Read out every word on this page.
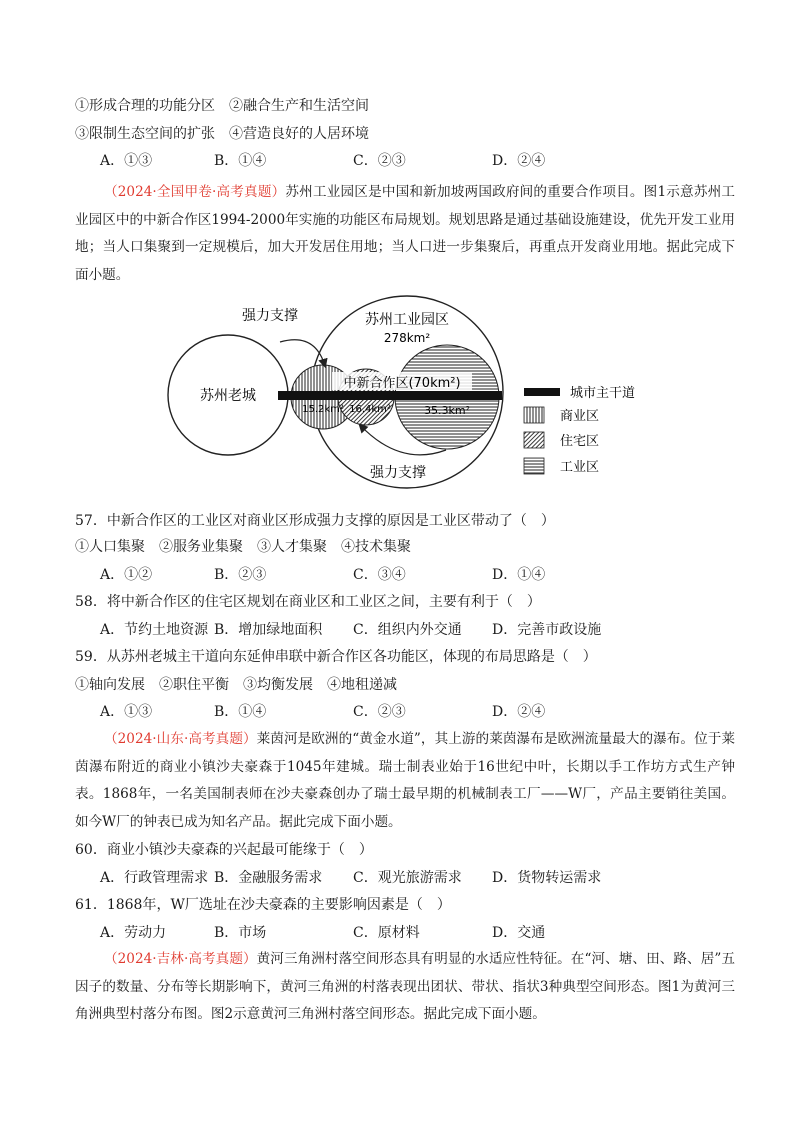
①形成合理的功能分区　②融合生产和生活空间
③限制生态空间的扩张　④营造良好的人居环境
A．①③	B．①④	C．②③	D．②④
（2024·全国甲卷·高考真题）苏州工业园区是中国和新加坡两国政府间的重要合作项目。图1示意苏州工业园区中的中新合作区1994-2000年实施的功能区布局规划。规划思路是通过基础设施建设，优先开发工业用地；当人口集聚到一定规模后，加大开发居住用地；当人口进一步集聚后，再重点开发商业用地。据此完成下面小题。
苏州老城
苏州工业园区
278km²
中新合作区(70km²)
15.2km² 16.4km²	35.3km²
强力支撑
强力支撑
城市主干道
商业区
住宅区
工业区
57．中新合作区的工业区对商业区形成强力支撑的原因是工业区带动了（　）
①人口集聚　②服务业集聚　③人才集聚　④技术集聚
A．①②	B．②③	C．③④	D．①④
58．将中新合作区的住宅区规划在商业区和工业区之间，主要有利于（　）
A．节约土地资源 B．增加绿地面积 C．组织内外交通 D．完善市政设施
59．从苏州老城主干道向东延伸串联中新合作区各功能区，体现的布局思路是（　）
①轴向发展　②职住平衡　③均衡发展　④地租递减
A．①③	B．①④	C．②③	D．②④
（2024·山东·高考真题）莱茵河是欧洲的“黄金水道”，其上游的莱茵瀑布是欧洲流量最大的瀑布。位于莱茵瀑布附近的商业小镇沙夫豪森于1045年建城。瑞士制表业始于16世纪中叶，长期以手工作坊方式生产钟表。1868年，一名美国制表师在沙夫豪森创办了瑞士最早期的机械制表工厂——W厂，产品主要销往美国。如今W厂的钟表已成为知名产品。据此完成下面小题。
60．商业小镇沙夫豪森的兴起最可能缘于（　）
A．行政管理需求 B．金融服务需求 C．观光旅游需求 D．货物转运需求
61．1868年，W厂选址在沙夫豪森的主要影响因素是（　）
A．劳动力	B．市场	C．原材料	D．交通
（2024·吉林·高考真题）黄河三角洲村落空间形态具有明显的水适应性特征。在“河、塘、田、路、居”五因子的数量、分布等长期影响下，黄河三角洲的村落表现出团状、带状、指状3种典型空间形态。图1为黄河三角洲典型村落分布图。图2示意黄河三角洲村落空间形态。据此完成下面小题。
